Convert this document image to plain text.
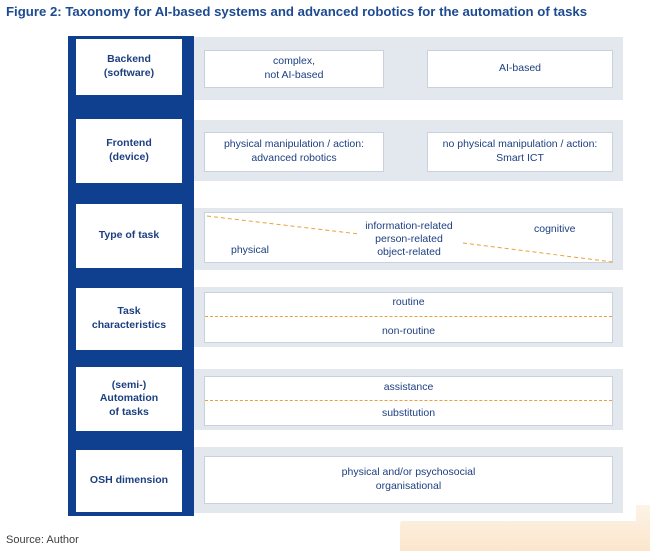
Figure 2: Taxonomy for AI-based systems and advanced robotics for the automation of tasks
Backend
(software)
complex,
not AI-based
AI-based
Frontend
(device)
physical manipulation / action:
advanced robotics
no physical manipulation / action:
Smart ICT
Type of task
physical
information-related
person-related
object-related
cognitive
Task
characteristics
routine
non-routine
(semi-)
Automation
of tasks
assistance
substitution
OSH dimension
physical and/or psychosocial
organisational
Source: Author
